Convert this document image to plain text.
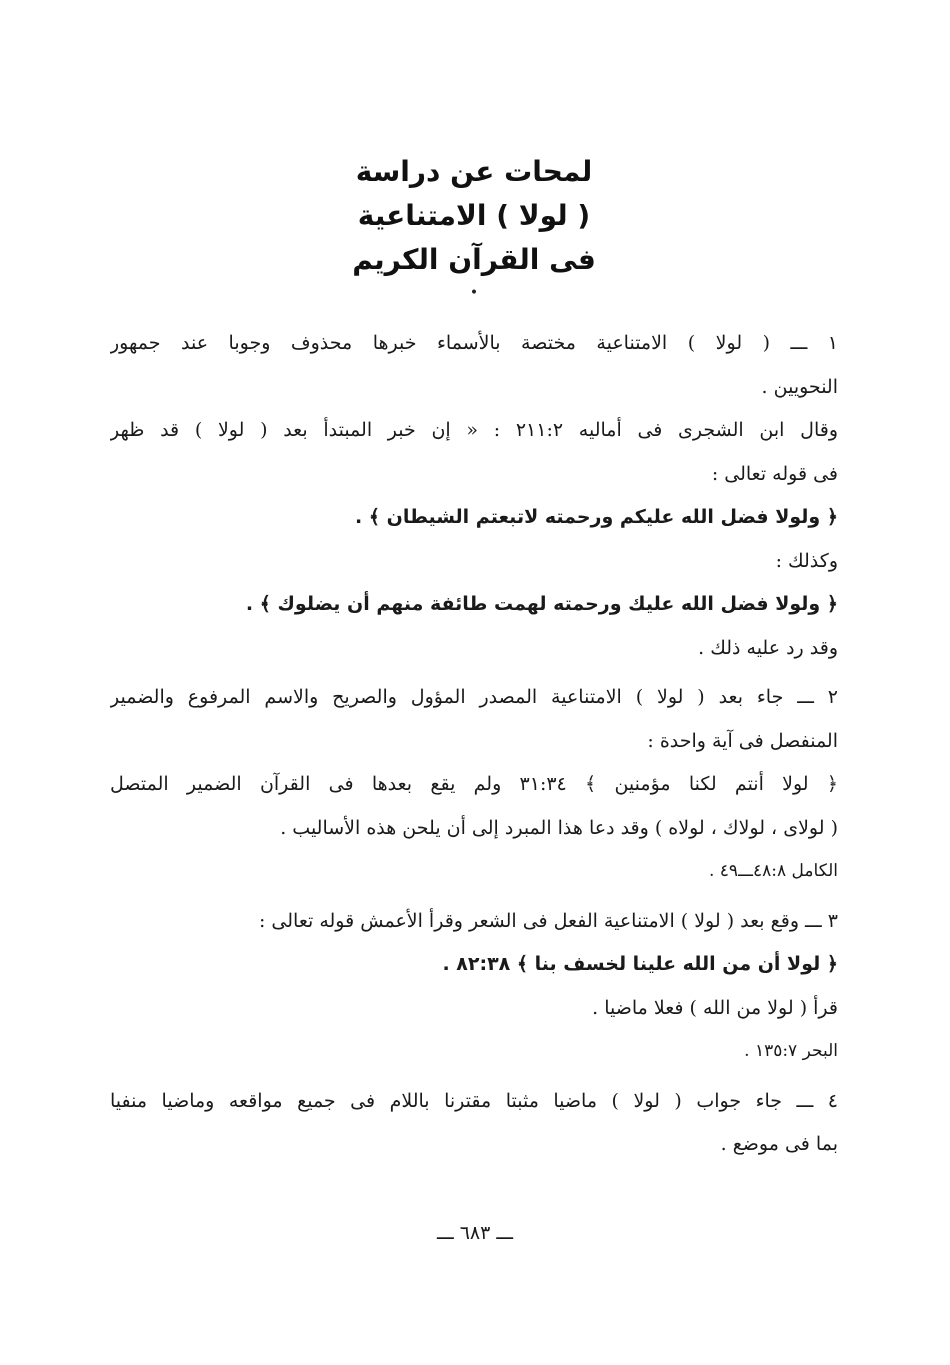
لمحات عن دراسة
( لولا ) الامتناعية
فى القرآن الكريم
•
١ ـــ ( لولا ) الامتناعية مختصة بالأسماء خبرها محذوف وجوبا عند جمهور
النحويين .
وقال ابن الشجرى فى أماليه ٢١١:٢ : « إن خبر المبتدأ بعد ( لولا ) قد ظهر
فى قوله تعالى :
﴿ ولولا فضل الله عليكم ورحمته لاتبعتم الشيطان ﴾ .
وكذلك :
﴿ ولولا فضل الله عليك ورحمته لهمت طائفة منهم أن يضلوك ﴾ .
وقد رد عليه ذلك .
٢ ـــ جاء بعد ( لولا ) الامتناعية المصدر المؤول والصريح والاسم المرفوع والضمير
المنفصل فى آية واحدة :
﴿ لولا أنتم لكنا مؤمنين ﴾ ٣١:٣٤ ولم يقع بعدها فى القرآن الضمير المتصل
( لولاى ، لولاك ، لولاه ) وقد دعا هذا المبرد إلى أن يلحن هذه الأساليب .
الكامل ٤٨:٨ـــ٤٩ .
٣ ـــ وقع بعد ( لولا ) الامتناعية الفعل فى الشعر وقرأ الأعمش قوله تعالى :
﴿ لولا أن من الله علينا لخسف بنا ﴾ ٨٢:٣٨ .
قرأ ( لولا من الله ) فعلا ماضيا .
البحر ١٣٥:٧ .
٤ ـــ جاء جواب ( لولا ) ماضيا مثبتا مقترنا باللام فى جميع مواقعه وماضيا منفيا
بما فى موضع .
ـــ ٦٨٣ ـــ
